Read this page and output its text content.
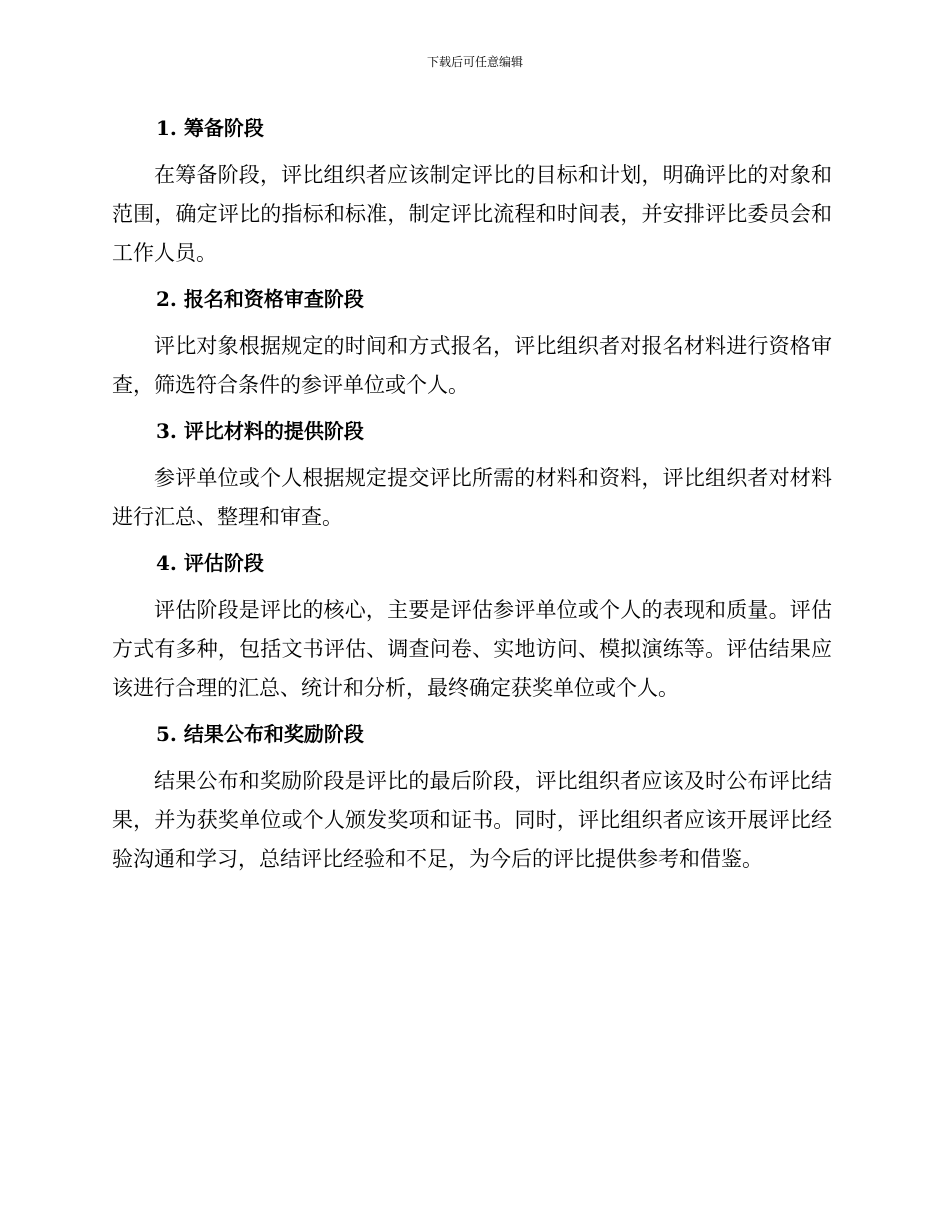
下载后可任意编辑
1. 筹备阶段

在筹备阶段，评比组织者应该制定评比的目标和计划，明确评比的对象和范围，确定评比的指标和标准，制定评比流程和时间表，并安排评比委员会和工作人员。

2. 报名和资格审查阶段

评比对象根据规定的时间和方式报名，评比组织者对报名材料进行资格审查，筛选符合条件的参评单位或个人。

3. 评比材料的提供阶段

参评单位或个人根据规定提交评比所需的材料和资料，评比组织者对材料进行汇总、整理和审查。

4. 评估阶段

评估阶段是评比的核心，主要是评估参评单位或个人的表现和质量。评估方式有多种，包括文书评估、调查问卷、实地访问、模拟演练等。评估结果应该进行合理的汇总、统计和分析，最终确定获奖单位或个人。

5. 结果公布和奖励阶段

结果公布和奖励阶段是评比的最后阶段，评比组织者应该及时公布评比结果，并为获奖单位或个人颁发奖项和证书。同时，评比组织者应该开展评比经验沟通和学习，总结评比经验和不足，为今后的评比提供参考和借鉴。
